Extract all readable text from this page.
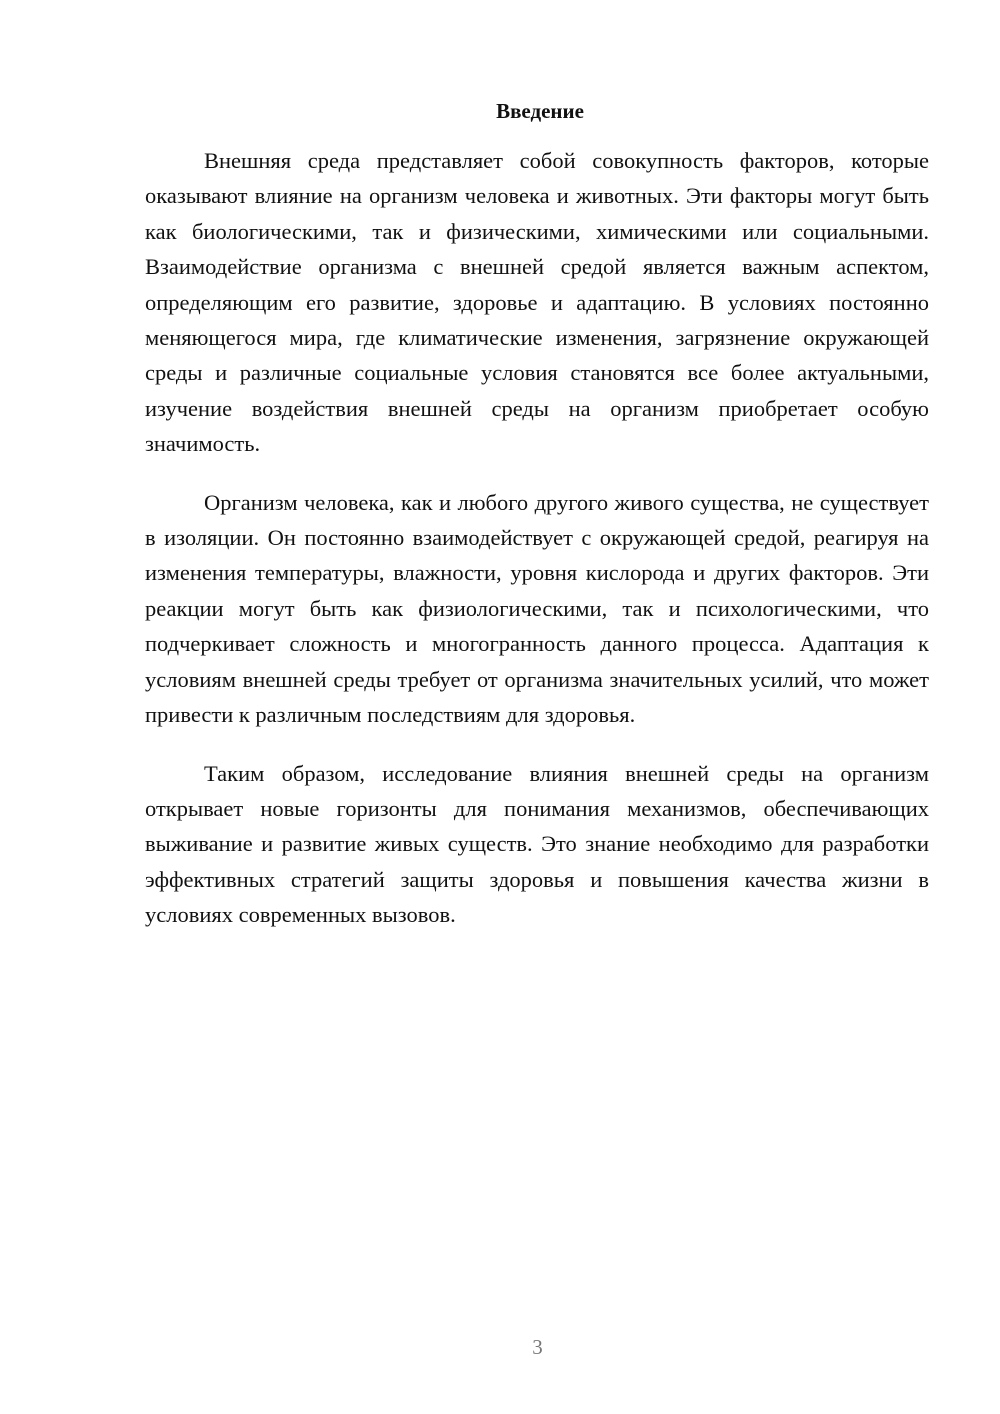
Введение

Внешняя среда представляет собой совокупность факторов, которые оказывают влияние на организм человека и животных. Эти факторы могут быть как биологическими, так и физическими, химическими или социальными. Взаимодействие организма с внешней средой является важным аспектом, определяющим его развитие, здоровье и адаптацию. В условиях постоянно меняющегося мира, где климатические изменения, загрязнение окружающей среды и различные социальные условия становятся все более актуальными, изучение воздействия внешней среды на организм приобретает особую значимость.

Организм человека, как и любого другого живого существа, не существует в изоляции. Он постоянно взаимодействует с окружающей средой, реагируя на изменения температуры, влажности, уровня кислорода и других факторов. Эти реакции могут быть как физиологическими, так и психологическими, что подчеркивает сложность и многогранность данного процесса. Адаптация к условиям внешней среды требует от организма значительных усилий, что может привести к различным последствиям для здоровья.

Таким образом, исследование влияния внешней среды на организм открывает новые горизонты для понимания механизмов, обеспечивающих выживание и развитие живых существ. Это знание необходимо для разработки эффективных стратегий защиты здоровья и повышения качества жизни в условиях современных вызовов.

3
